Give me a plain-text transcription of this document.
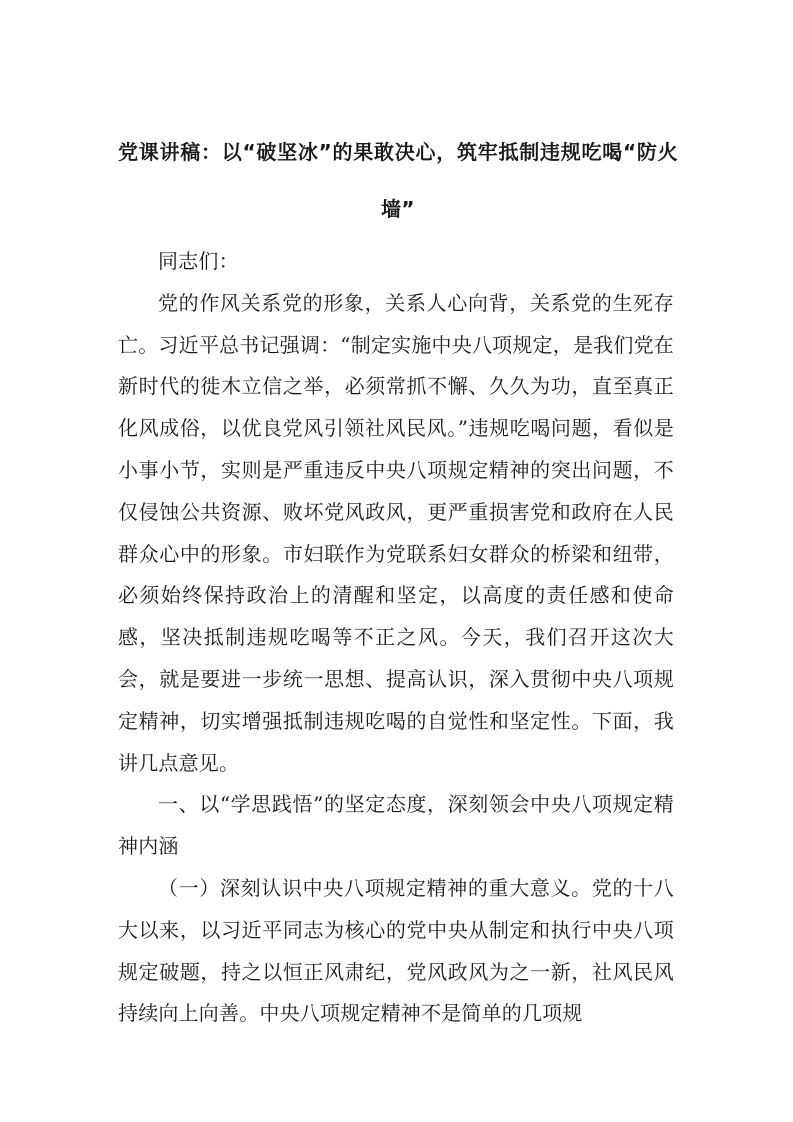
党课讲稿：以“破坚冰”的果敢决心，筑牢抵制违规吃喝“防火墙”

同志们：

党的作风关系党的形象，关系人心向背，关系党的生死存亡。习近平总书记强调：“制定实施中央八项规定，是我们党在新时代的徙木立信之举，必须常抓不懈、久久为功，直至真正化风成俗，以优良党风引领社风民风。”违规吃喝问题，看似是小事小节，实则是严重违反中央八项规定精神的突出问题，不仅侵蚀公共资源、败坏党风政风，更严重损害党和政府在人民群众心中的形象。市妇联作为党联系妇女群众的桥梁和纽带，必须始终保持政治上的清醒和坚定，以高度的责任感和使命感，坚决抵制违规吃喝等不正之风。今天，我们召开这次大会，就是要进一步统一思想、提高认识，深入贯彻中央八项规定精神，切实增强抵制违规吃喝的自觉性和坚定性。下面，我讲几点意见。

一、以“学思践悟”的坚定态度，深刻领会中央八项规定精神内涵

（一）深刻认识中央八项规定精神的重大意义。党的十八大以来，以习近平同志为核心的党中央从制定和执行中央八项规定破题，持之以恒正风肃纪，党风政风为之一新，社风民风持续向上向善。中央八项规定精神不是简单的几项规
